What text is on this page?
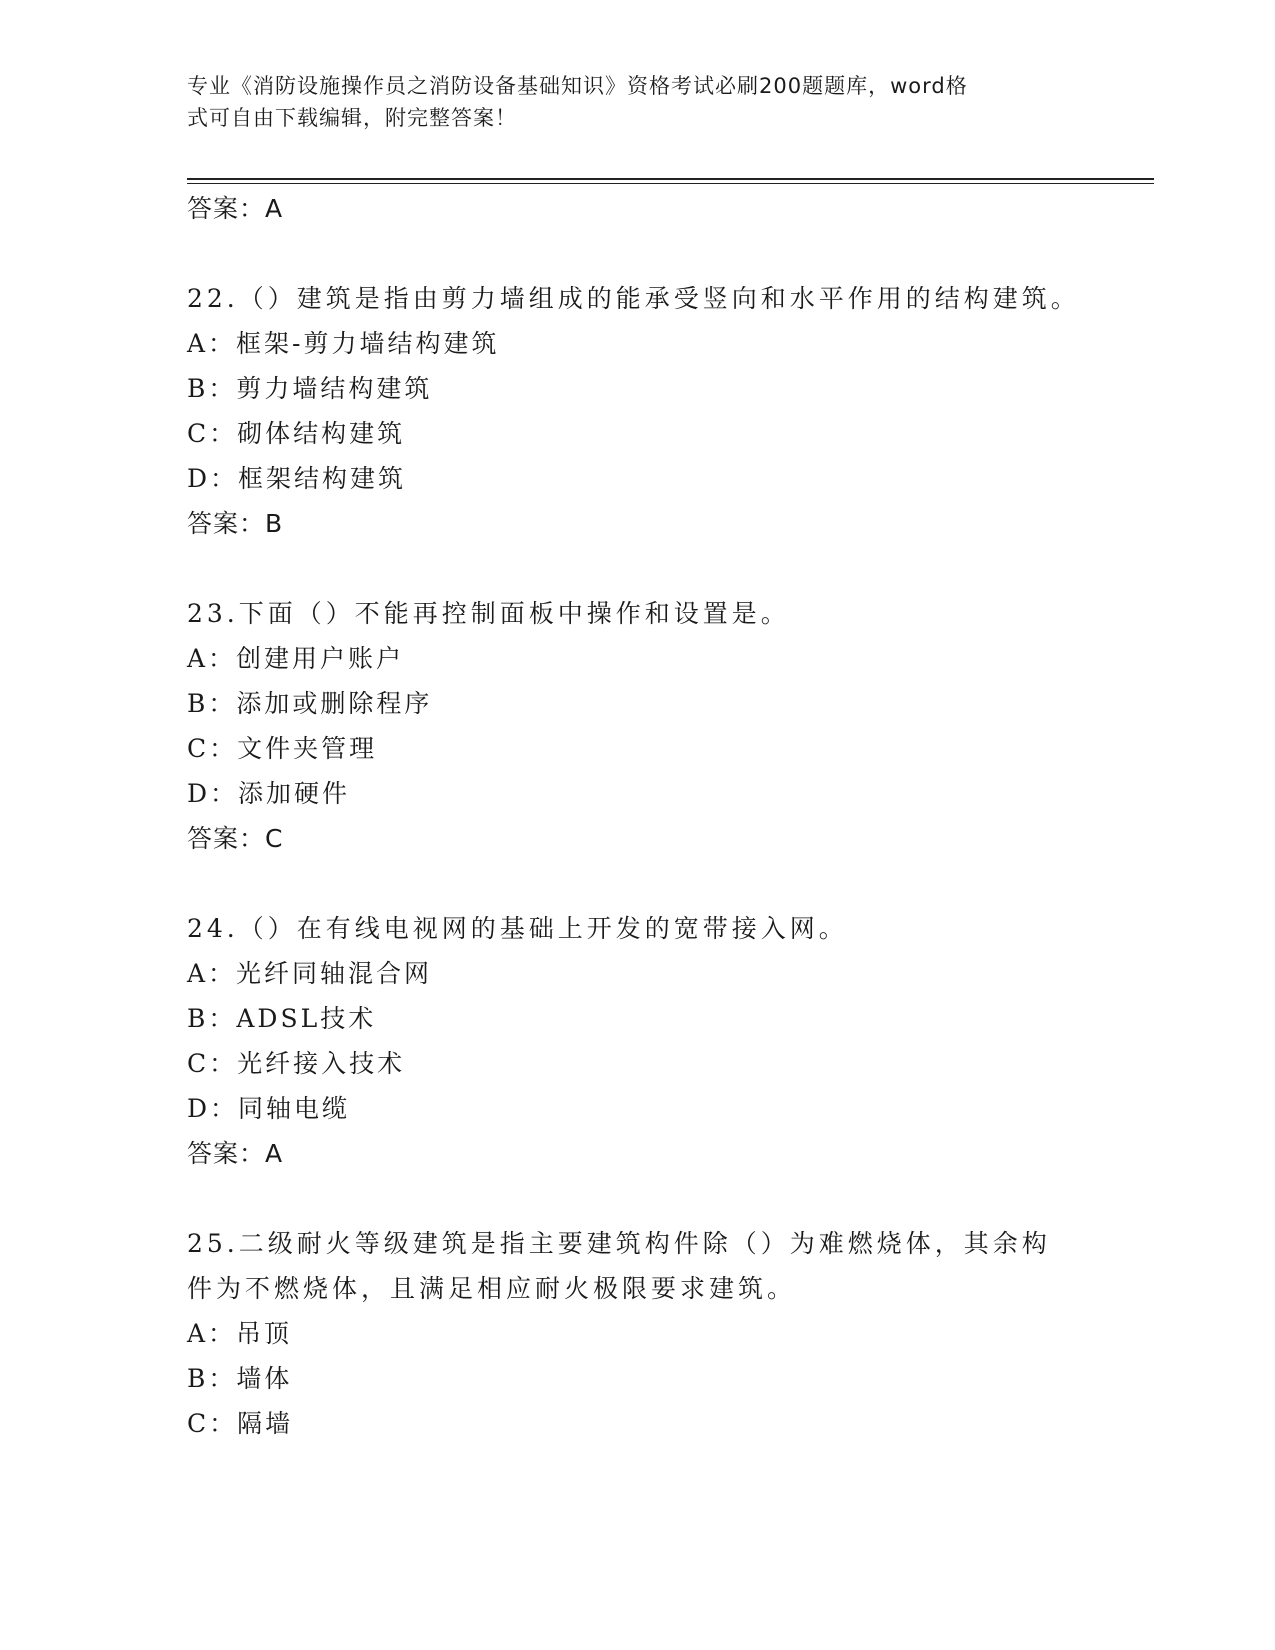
专业《消防设施操作员之消防设备基础知识》资格考试必刷200题题库，word格
式可自由下载编辑，附完整答案！
答案：A
22.（）建筑是指由剪力墙组成的能承受竖向和水平作用的结构建筑。
A：框架-剪力墙结构建筑
B：剪力墙结构建筑
C：砌体结构建筑
D：框架结构建筑
答案：B
23.下面（）不能再控制面板中操作和设置是。
A：创建用户账户
B：添加或删除程序
C：文件夹管理
D：添加硬件
答案：C
24.（）在有线电视网的基础上开发的宽带接入网。
A：光纤同轴混合网
B：ADSL技术
C：光纤接入技术
D：同轴电缆
答案：A
25.二级耐火等级建筑是指主要建筑构件除（）为难燃烧体，其余构件为不燃烧体，且满足相应耐火极限要求建筑。
A：吊顶
B：墙体
C：隔墙
